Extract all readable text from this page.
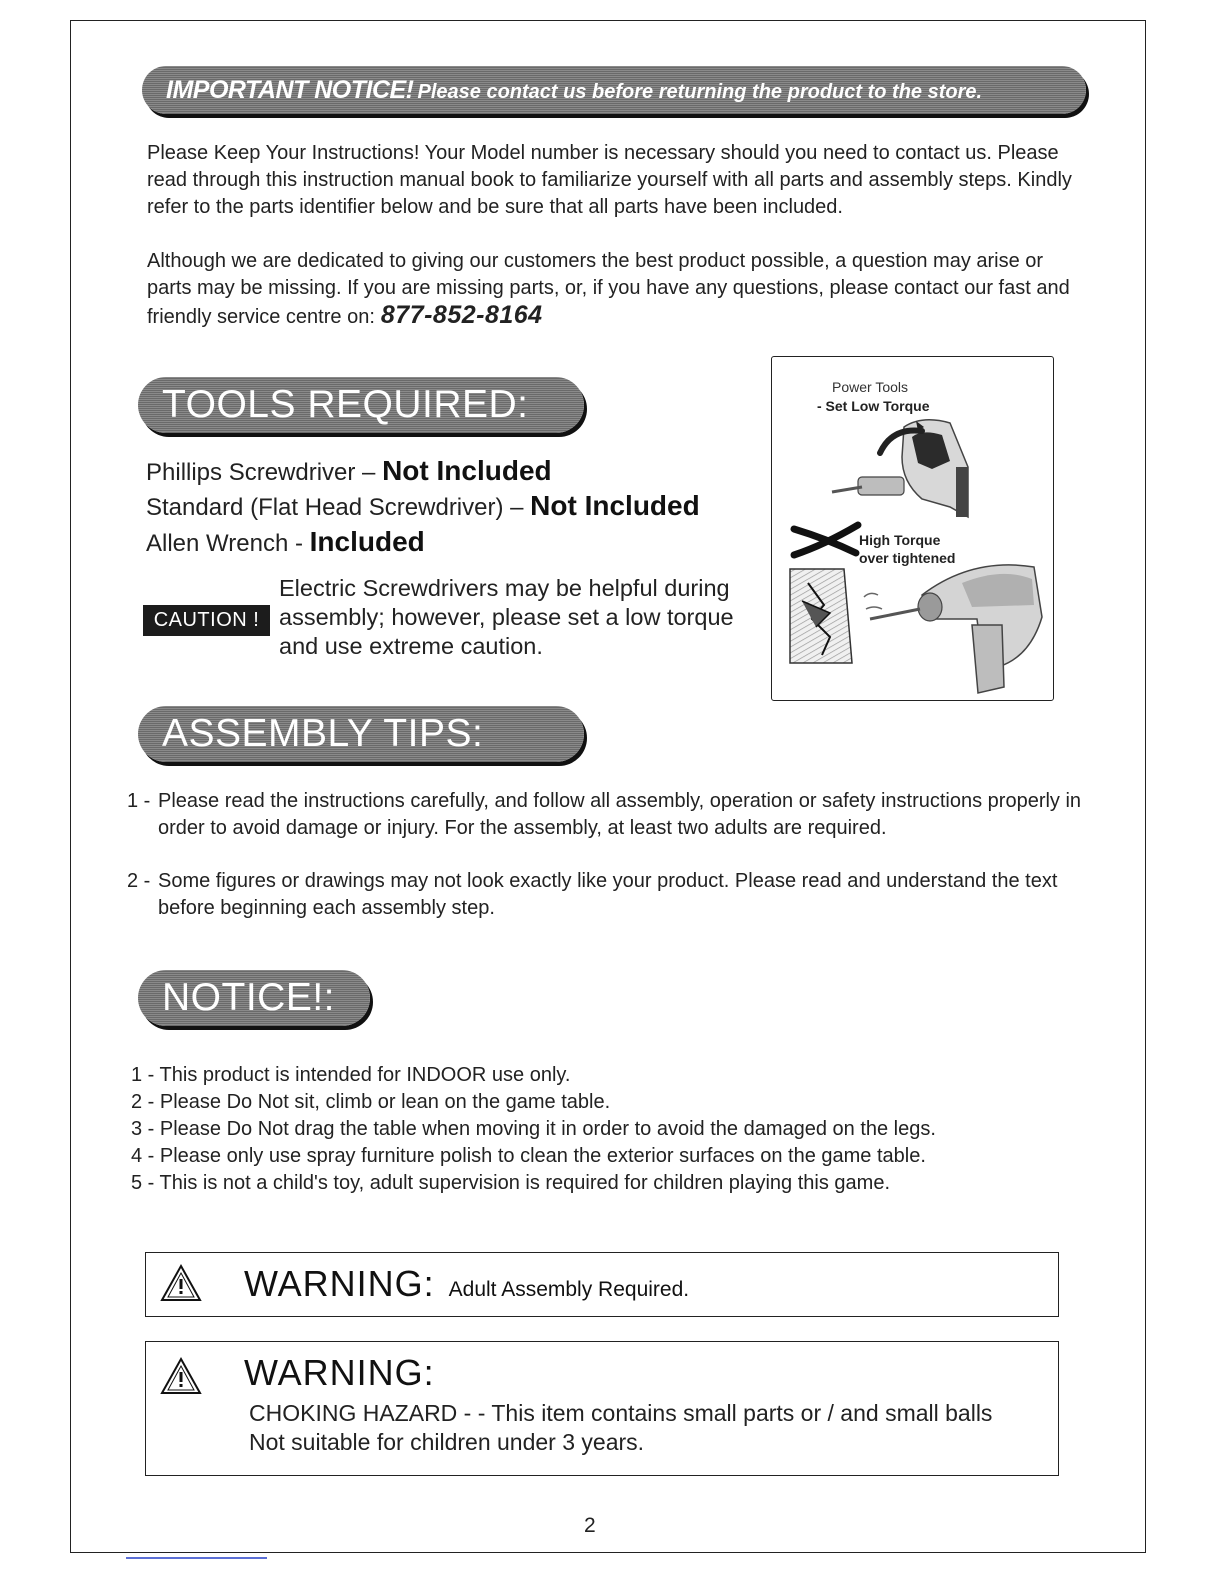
IMPORTANT NOTICE! Please contact us before returning the product to the store.
Please Keep Your Instructions! Your Model number is necessary should you need to contact us. Please read through this instruction manual book to familiarize yourself with all parts and assembly steps. Kindly refer to the parts identifier below and be sure that all parts have been included.
Although we are dedicated to giving our customers the best product possible, a question may arise or parts may be missing. If you are missing parts, or, if you have any questions, please contact our fast and friendly service centre on: 877-852-8164
TOOLS REQUIRED:
Phillips Screwdriver – Not Included
Standard (Flat Head Screwdriver) – Not Included
Allen Wrench - Included
CAUTION !
Electric Screwdrivers may be helpful during assembly; however, please set a low torque and use extreme caution.
Power Tools
- Set Low Torque
High Torque
over tightened
ASSEMBLY TIPS:
1 - Please read the instructions carefully, and follow all assembly, operation or safety instructions properly in order to avoid damage or injury. For the assembly, at least two adults are required.
2 - Some figures or drawings may not look exactly like your product. Please read and understand the text before beginning each assembly step.
NOTICE!:
1 - This product is intended for INDOOR use only.
2 - Please Do Not sit, climb or lean on the game table.
3 - Please Do Not drag the table when moving it in order to avoid the damaged on the legs.
4 - Please only use spray furniture polish to clean the exterior surfaces on the game table.
5 - This is not a child's toy, adult supervision is required for children playing this game.
WARNING: Adult Assembly Required.
WARNING:
CHOKING HAZARD - - This item contains small parts or / and small balls
Not suitable for children under 3 years.
2
